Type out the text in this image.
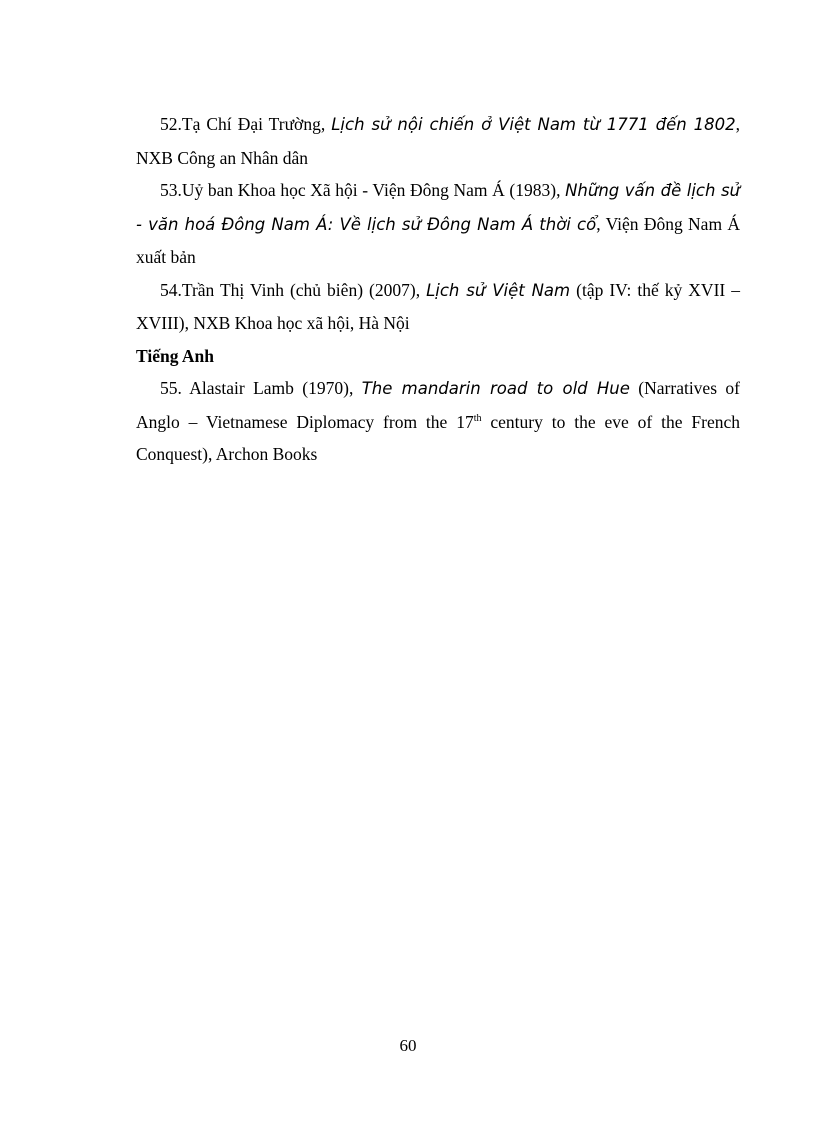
52.Tạ Chí Đại Trường, Lịch sử nội chiến ở Việt Nam từ 1771 đến 1802, NXB Công an Nhân dân

53.Uỷ ban Khoa học Xã hội - Viện Đông Nam Á (1983), Những vấn đề lịch sử - văn hoá Đông Nam Á: Về lịch sử Đông Nam Á thời cổ, Viện Đông Nam Á xuất bản

54.Trần Thị Vinh (chủ biên) (2007), Lịch sử Việt Nam (tập IV: thế kỷ XVII – XVIII), NXB Khoa học xã hội, Hà Nội

Tiếng Anh

55. Alastair Lamb (1970), The mandarin road to old Hue (Narratives of Anglo – Vietnamese Diplomacy from the 17th century to the eve of the French Conquest), Archon Books

60
